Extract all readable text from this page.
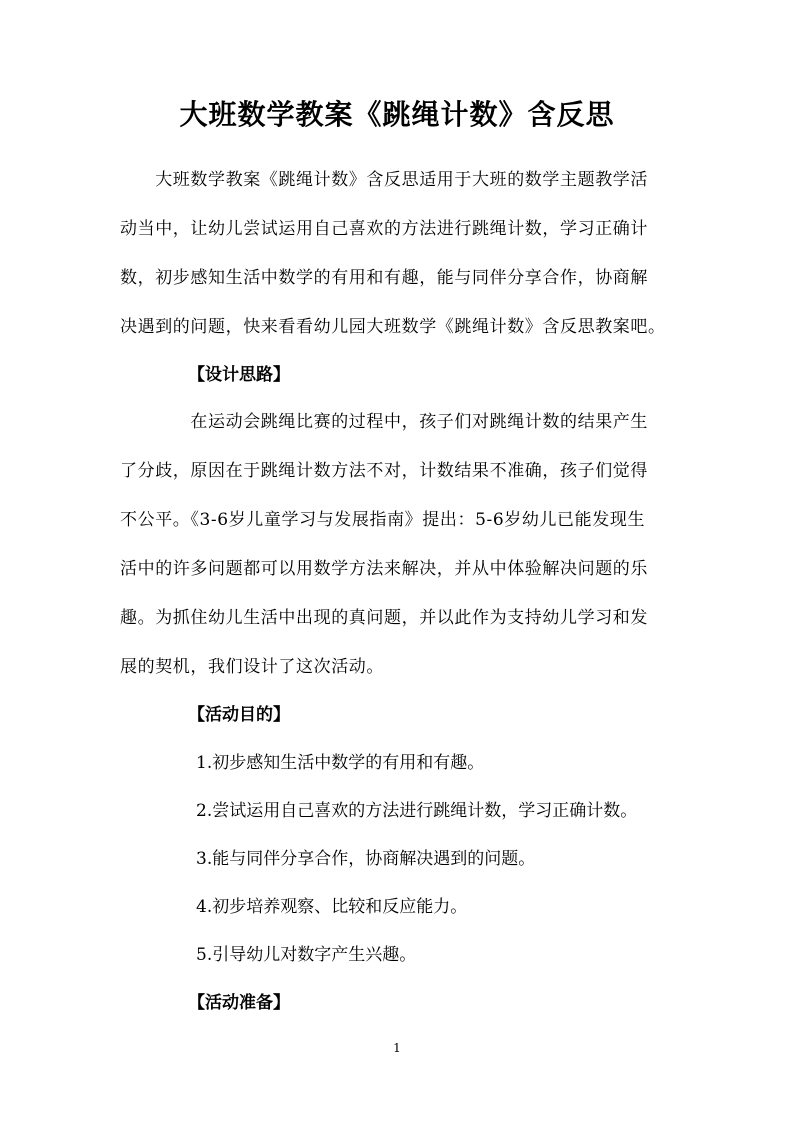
大班数学教案《跳绳计数》含反思

　　大班数学教案《跳绳计数》含反思适用于大班的数学主题教学活
动当中，让幼儿尝试运用自己喜欢的方法进行跳绳计数，学习正确计
数，初步感知生活中数学的有用和有趣，能与同伴分享合作，协商解
决遇到的问题，快来看看幼儿园大班数学《跳绳计数》含反思教案吧。

【设计思路】

　　　　在运动会跳绳比赛的过程中，孩子们对跳绳计数的结果产生
了分歧，原因在于跳绳计数方法不对，计数结果不准确，孩子们觉得
不公平。《3-6岁儿童学习与发展指南》提出：5-6岁幼儿已能发现生
活中的许多问题都可以用数学方法来解决，并从中体验解决问题的乐
趣。为抓住幼儿生活中出现的真问题，并以此作为支持幼儿学习和发
展的契机，我们设计了这次活动。

【活动目的】

1.初步感知生活中数学的有用和有趣。

2.尝试运用自己喜欢的方法进行跳绳计数，学习正确计数。

3.能与同伴分享合作，协商解决遇到的问题。

4.初步培养观察、比较和反应能力。

5.引导幼儿对数字产生兴趣。

【活动准备】
1
